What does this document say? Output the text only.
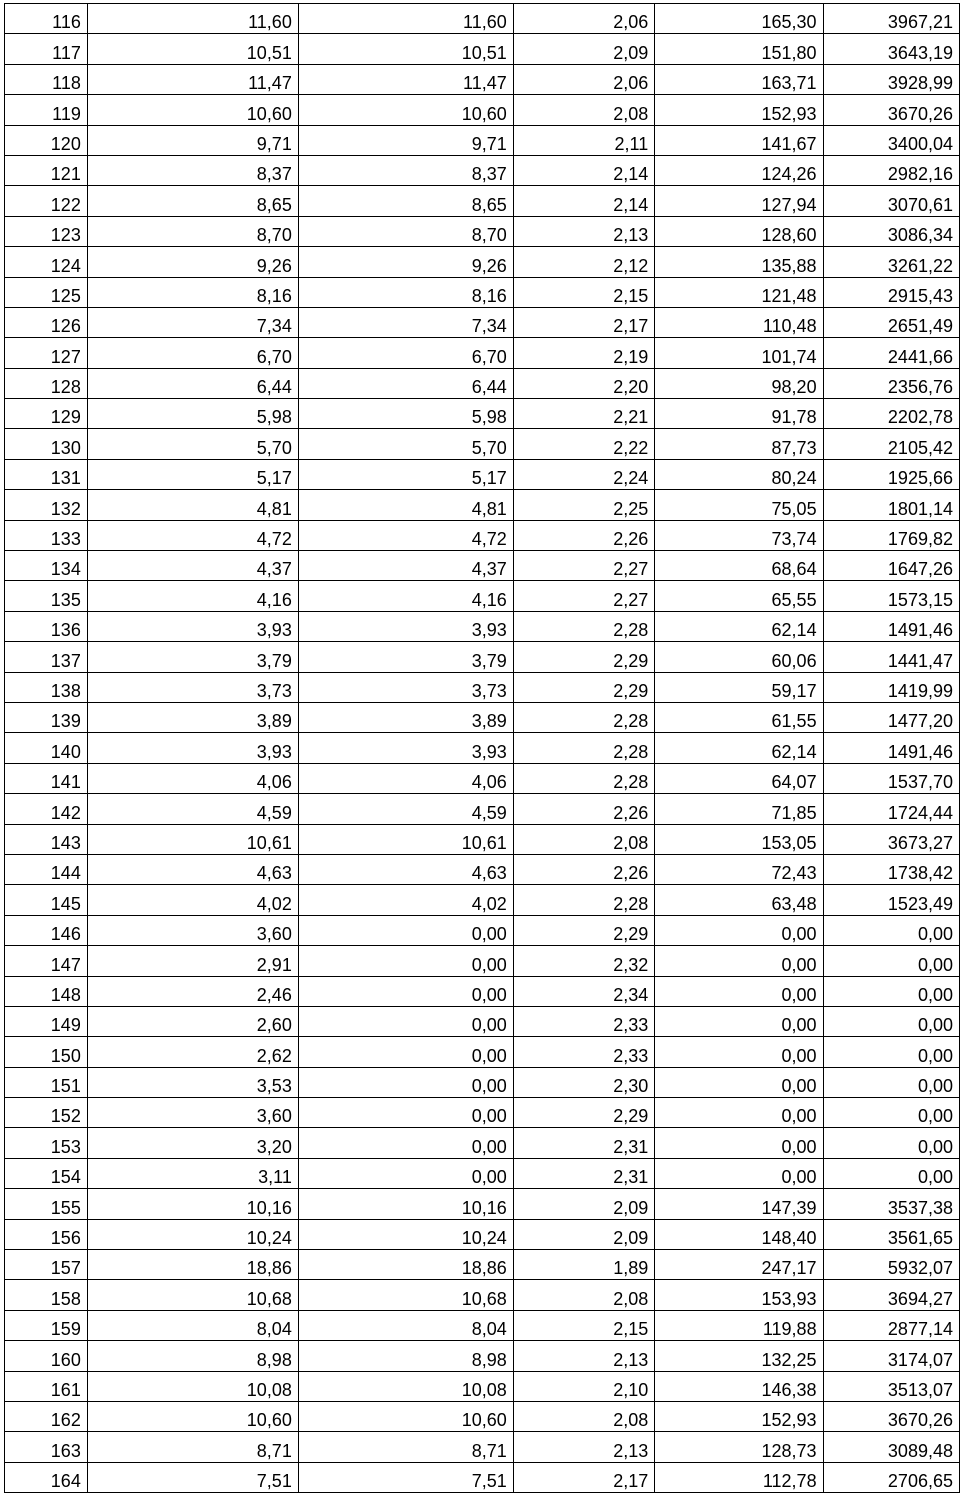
116	11,60	11,60	2,06	165,30	3967,21
117	10,51	10,51	2,09	151,80	3643,19
118	11,47	11,47	2,06	163,71	3928,99
119	10,60	10,60	2,08	152,93	3670,26
120	9,71	9,71	2,11	141,67	3400,04
121	8,37	8,37	2,14	124,26	2982,16
122	8,65	8,65	2,14	127,94	3070,61
123	8,70	8,70	2,13	128,60	3086,34
124	9,26	9,26	2,12	135,88	3261,22
125	8,16	8,16	2,15	121,48	2915,43
126	7,34	7,34	2,17	110,48	2651,49
127	6,70	6,70	2,19	101,74	2441,66
128	6,44	6,44	2,20	98,20	2356,76
129	5,98	5,98	2,21	91,78	2202,78
130	5,70	5,70	2,22	87,73	2105,42
131	5,17	5,17	2,24	80,24	1925,66
132	4,81	4,81	2,25	75,05	1801,14
133	4,72	4,72	2,26	73,74	1769,82
134	4,37	4,37	2,27	68,64	1647,26
135	4,16	4,16	2,27	65,55	1573,15
136	3,93	3,93	2,28	62,14	1491,46
137	3,79	3,79	2,29	60,06	1441,47
138	3,73	3,73	2,29	59,17	1419,99
139	3,89	3,89	2,28	61,55	1477,20
140	3,93	3,93	2,28	62,14	1491,46
141	4,06	4,06	2,28	64,07	1537,70
142	4,59	4,59	2,26	71,85	1724,44
143	10,61	10,61	2,08	153,05	3673,27
144	4,63	4,63	2,26	72,43	1738,42
145	4,02	4,02	2,28	63,48	1523,49
146	3,60	0,00	2,29	0,00	0,00
147	2,91	0,00	2,32	0,00	0,00
148	2,46	0,00	2,34	0,00	0,00
149	2,60	0,00	2,33	0,00	0,00
150	2,62	0,00	2,33	0,00	0,00
151	3,53	0,00	2,30	0,00	0,00
152	3,60	0,00	2,29	0,00	0,00
153	3,20	0,00	2,31	0,00	0,00
154	3,11	0,00	2,31	0,00	0,00
155	10,16	10,16	2,09	147,39	3537,38
156	10,24	10,24	2,09	148,40	3561,65
157	18,86	18,86	1,89	247,17	5932,07
158	10,68	10,68	2,08	153,93	3694,27
159	8,04	8,04	2,15	119,88	2877,14
160	8,98	8,98	2,13	132,25	3174,07
161	10,08	10,08	2,10	146,38	3513,07
162	10,60	10,60	2,08	152,93	3670,26
163	8,71	8,71	2,13	128,73	3089,48
164	7,51	7,51	2,17	112,78	2706,65
